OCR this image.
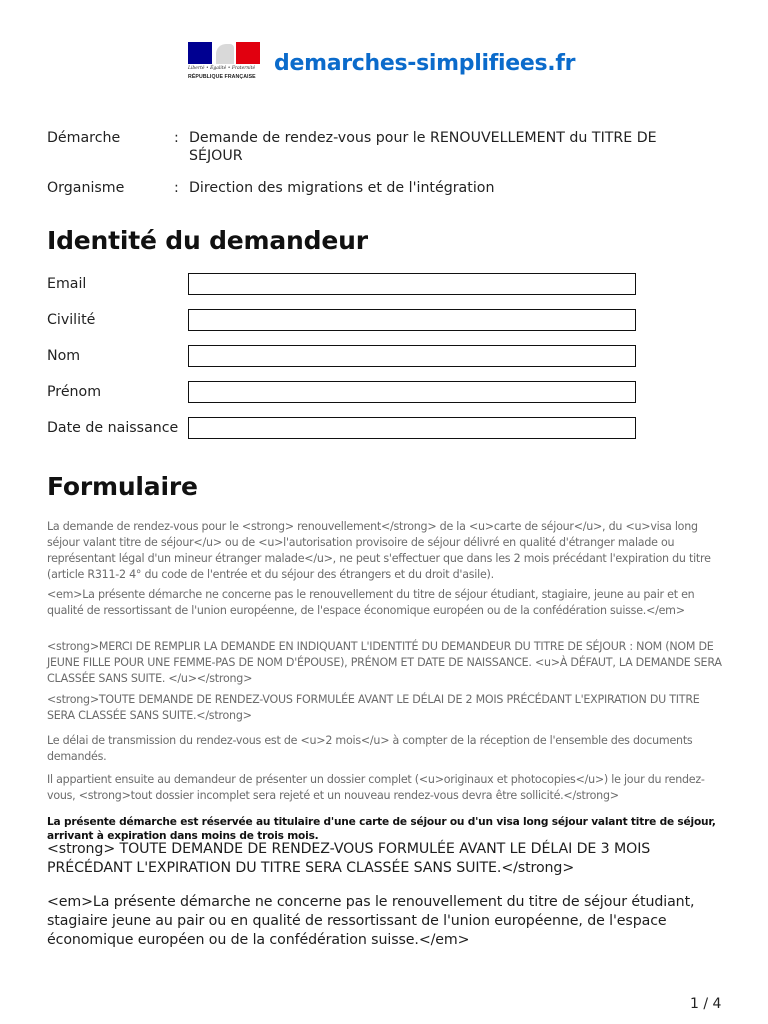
Liberté • Égalité • Fraternité
RÉPUBLIQUE FRANÇAISE
demarches-simplifiees.fr
Démarche	: Demande de rendez-vous pour le RENOUVELLEMENT du TITRE DE SÉJOUR
Organisme	: Direction des migrations et de l'intégration
Identité du demandeur
Email
Civilité
Nom
Prénom
Date de naissance
Formulaire
La demande de rendez-vous pour le <strong> renouvellement</strong> de la <u>carte de séjour</u>, du <u>visa long séjour valant titre de séjour</u> ou de <u>l'autorisation provisoire de séjour délivré en qualité d'étranger malade ou représentant légal d'un mineur étranger malade</u>, ne peut s'effectuer que dans les 2 mois précédant l'expiration du titre (article R311-2 4° du code de l'entrée et du séjour des étrangers et du droit d'asile).
<em>La présente démarche ne concerne pas le renouvellement du titre de séjour étudiant, stagiaire, jeune au pair et en qualité de ressortissant de l'union européenne, de l'espace économique européen ou de la confédération suisse.</em>
<strong>MERCI DE REMPLIR LA DEMANDE EN INDIQUANT L'IDENTITÉ DU DEMANDEUR DU TITRE DE SÉJOUR : NOM (NOM DE JEUNE FILLE POUR UNE FEMME-PAS DE NOM D'ÉPOUSE), PRÉNOM ET DATE DE NAISSANCE. <u>À DÉFAUT, LA DEMANDE SERA CLASSÉE SANS SUITE. </u></strong>
<strong>TOUTE DEMANDE DE RENDEZ-VOUS FORMULÉE AVANT LE DÉLAI DE 2 MOIS PRÉCÉDANT L'EXPIRATION DU TITRE SERA CLASSÉE SANS SUITE.</strong>
Le délai de transmission du rendez-vous est de <u>2 mois</u> à compter de la réception de l'ensemble des documents demandés.
Il appartient ensuite au demandeur de présenter un dossier complet (<u>originaux et photocopies</u>) le jour du rendez-vous, <strong>tout dossier incomplet sera rejeté et un nouveau rendez-vous devra être sollicité.</strong>
La présente démarche est réservée au titulaire d'une carte de séjour ou d'un visa long séjour valant titre de séjour, arrivant à expiration dans moins de trois mois.
<strong> TOUTE DEMANDE DE RENDEZ-VOUS FORMULÉE AVANT LE DÉLAI DE 3 MOIS PRÉCÉDANT L'EXPIRATION DU TITRE SERA CLASSÉE SANS SUITE.</strong>
<em>La présente démarche ne concerne pas le renouvellement du titre de séjour étudiant, stagiaire jeune au pair ou en qualité de ressortissant de l'union européenne, de l'espace économique européen ou de la confédération suisse.</em>
1 / 4
